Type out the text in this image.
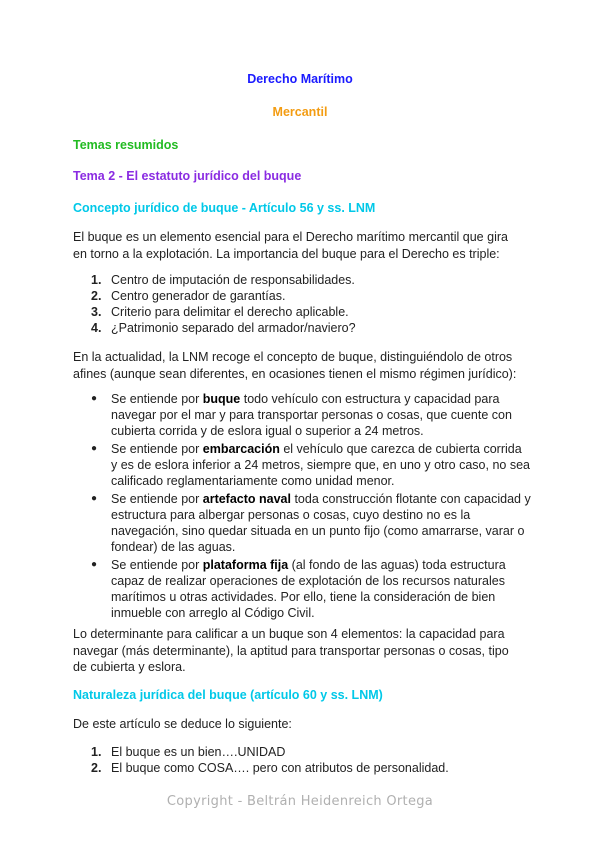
Derecho Marítimo
Mercantil
Temas resumidos
Tema 2 - El estatuto jurídico del buque
Concepto jurídico de buque - Artículo 56 y ss. LNM
El buque es un elemento esencial para el Derecho marítimo mercantil que gira en torno a la explotación. La importancia del buque para el Derecho es triple:
1. Centro de imputación de responsabilidades.
2. Centro generador de garantías.
3. Criterio para delimitar el derecho aplicable.
4. ¿Patrimonio separado del armador/naviero?
En la actualidad, la LNM recoge el concepto de buque, distinguiéndolo de otros afines (aunque sean diferentes, en ocasiones tienen el mismo régimen jurídico):
●	Se entiende por buque todo vehículo con estructura y capacidad para navegar por el mar y para transportar personas o cosas, que cuente con cubierta corrida y de eslora igual o superior a 24 metros.
●	Se entiende por embarcación el vehículo que carezca de cubierta corrida y es de eslora inferior a 24 metros, siempre que, en uno y otro caso, no sea calificado reglamentariamente como unidad menor.
●	Se entiende por artefacto naval toda construcción flotante con capacidad y estructura para albergar personas o cosas, cuyo destino no es la navegación, sino quedar situada en un punto fijo (como amarrarse, varar o fondear) de las aguas.
●	Se entiende por plataforma fija (al fondo de las aguas) toda estructura capaz de realizar operaciones de explotación de los recursos naturales marítimos u otras actividades. Por ello, tiene la consideración de bien inmueble con arreglo al Código Civil.
Lo determinante para calificar a un buque son 4 elementos: la capacidad para navegar (más determinante), la aptitud para transportar personas o cosas, tipo de cubierta y eslora.
Naturaleza jurídica del buque (artículo 60 y ss. LNM)
De este artículo se deduce lo siguiente:
1. El buque es un bien….UNIDAD
2. El buque como COSA…. pero con atributos de personalidad.
Copyright - Beltrán Heidenreich Ortega
